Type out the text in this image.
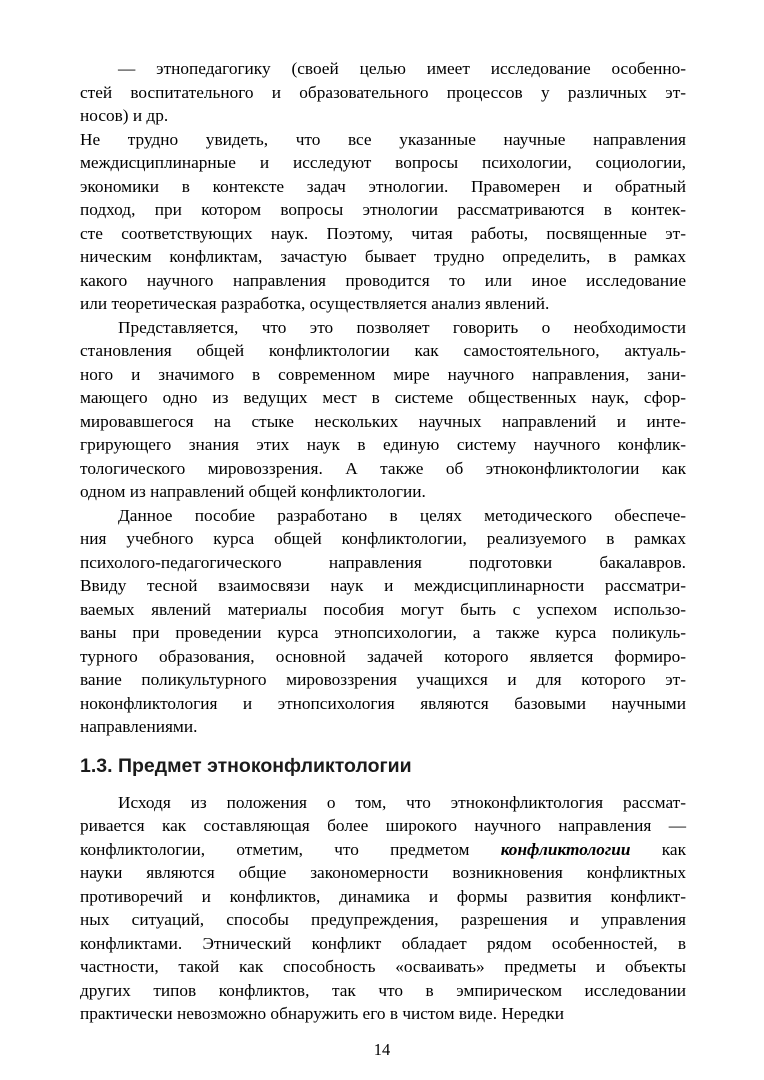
— этнопедагогику (своей целью имеет исследование особенно-
стей воспитательного и образовательного процессов у различных эт-
носов) и др.

Не трудно увидеть, что все указанные научные направления
междисциплинарные и исследуют вопросы психологии, социологии,
экономики в контексте задач этнологии. Правомерен и обратный
подход, при котором вопросы этнологии рассматриваются в контек-
сте соответствующих наук. Поэтому, читая работы, посвященные эт-
ническим конфликтам, зачастую бывает трудно определить, в рамках
какого научного направления проводится то или иное исследование
или теоретическая разработка, осуществляется анализ явлений.

Представляется, что это позволяет говорить о необходимости
становления общей конфликтологии как самостоятельного, актуаль-
ного и значимого в современном мире научного направления, зани-
мающего одно из ведущих мест в системе общественных наук, сфор-
мировавшегося на стыке нескольких научных направлений и инте-
грирующего знания этих наук в единую систему научного конфлик-
тологического мировоззрения. А также об этноконфликтологии как
одном из направлений общей конфликтологии.

Данное пособие разработано в целях методического обеспече-
ния учебного курса общей конфликтологии, реализуемого в рамках
психолого-педагогического направления подготовки бакалавров.
Ввиду тесной взаимосвязи наук и междисциплинарности рассматри-
ваемых явлений материалы пособия могут быть с успехом использо-
ваны при проведении курса этнопсихологии, а также курса поликуль-
турного образования, основной задачей которого является формиро-
вание поликультурного мировоззрения учащихся и для которого эт-
ноконфликтология и этнопсихология являются базовыми научными
направлениями.

1.3. Предмет этноконфликтологии

Исходя из положения о том, что этноконфликтология рассмат-
ривается как составляющая более широкого научного направления —
конфликтологии, отметим, что предметом конфликтологии как
науки являются общие закономерности возникновения конфликтных
противоречий и конфликтов, динамика и формы развития конфликт-
ных ситуаций, способы предупреждения, разрешения и управления
конфликтами. Этнический конфликт обладает рядом особенностей, в
частности, такой как способность «осваивать» предметы и объекты
других типов конфликтов, так что в эмпирическом исследовании
практически невозможно обнаружить его в чистом виде. Нередки

14
